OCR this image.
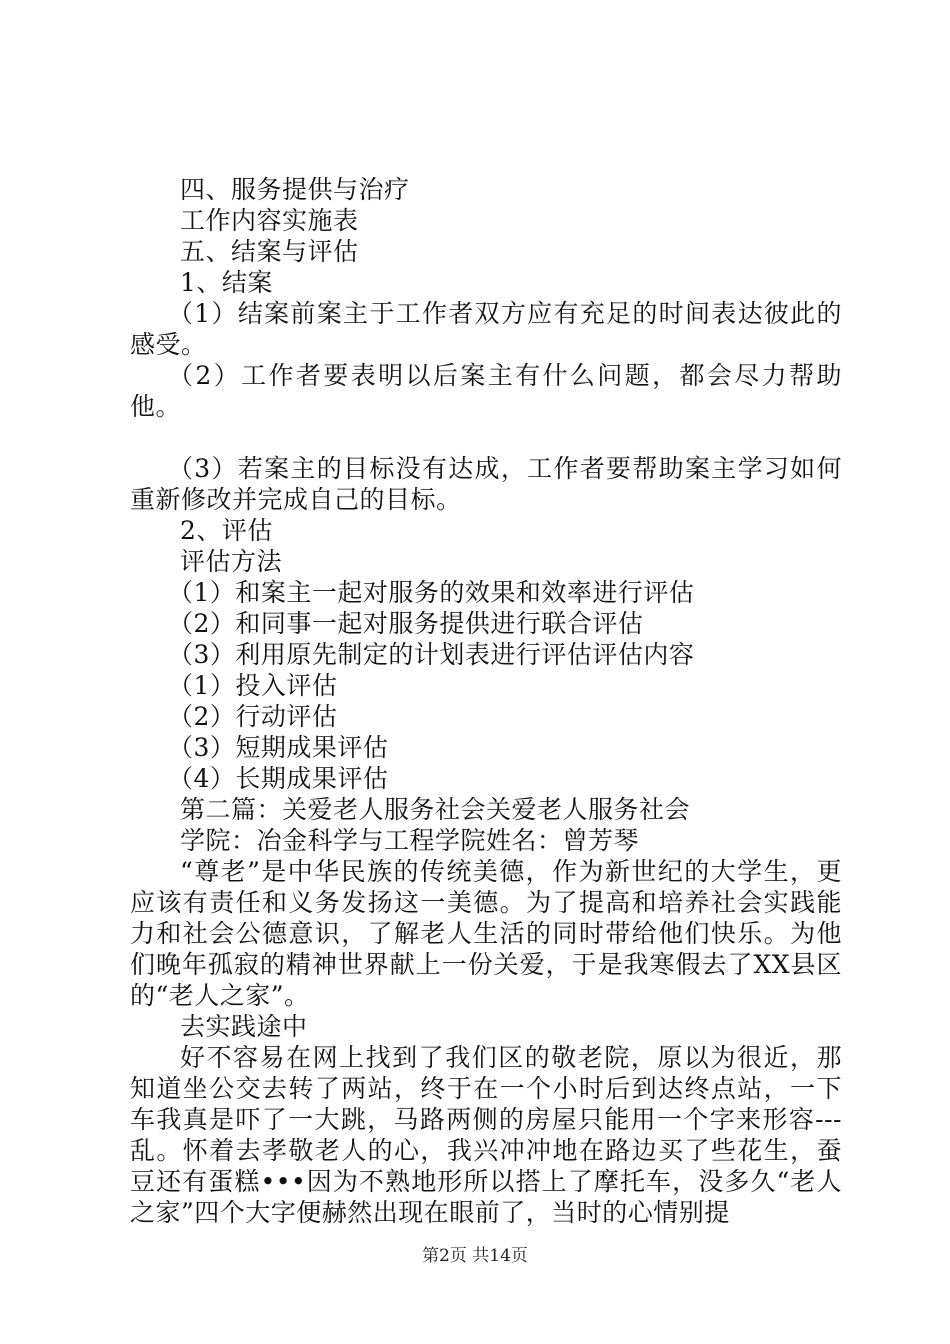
四、服务提供与治疗
工作内容实施表
五、结案与评估
1、结案
（1）结案前案主于工作者双方应有充足的时间表达彼此的感受。
（2）工作者要表明以后案主有什么问题，都会尽力帮助他。
（3）若案主的目标没有达成，工作者要帮助案主学习如何重新修改并完成自己的目标。
2、评估
评估方法
（1）和案主一起对服务的效果和效率进行评估
（2）和同事一起对服务提供进行联合评估
（3）利用原先制定的计划表进行评估评估内容
（1）投入评估
（2）行动评估
（3）短期成果评估
（4）长期成果评估
第二篇：关爱老人服务社会关爱老人服务社会
学院：冶金科学与工程学院姓名：曾芳琴
“尊老”是中华民族的传统美德，作为新世纪的大学生，更应该有责任和义务发扬这一美德。为了提高和培养社会实践能力和社会公德意识，了解老人生活的同时带给他们快乐。为他们晚年孤寂的精神世界献上一份关爱，于是我寒假去了XX县区的“老人之家”。
去实践途中
好不容易在网上找到了我们区的敬老院，原以为很近，那知道坐公交去转了两站，终于在一个小时后到达终点站，一下车我真是吓了一大跳，马路两侧的房屋只能用一个字来形容---乱。怀着去孝敬老人的心，我兴冲冲地在路边买了些花生，蚕豆还有蛋糕•••因为不熟地形所以搭上了摩托车，没多久“老人之家”四个大字便赫然出现在眼前了，当时的心情别提
第2页 共14页
